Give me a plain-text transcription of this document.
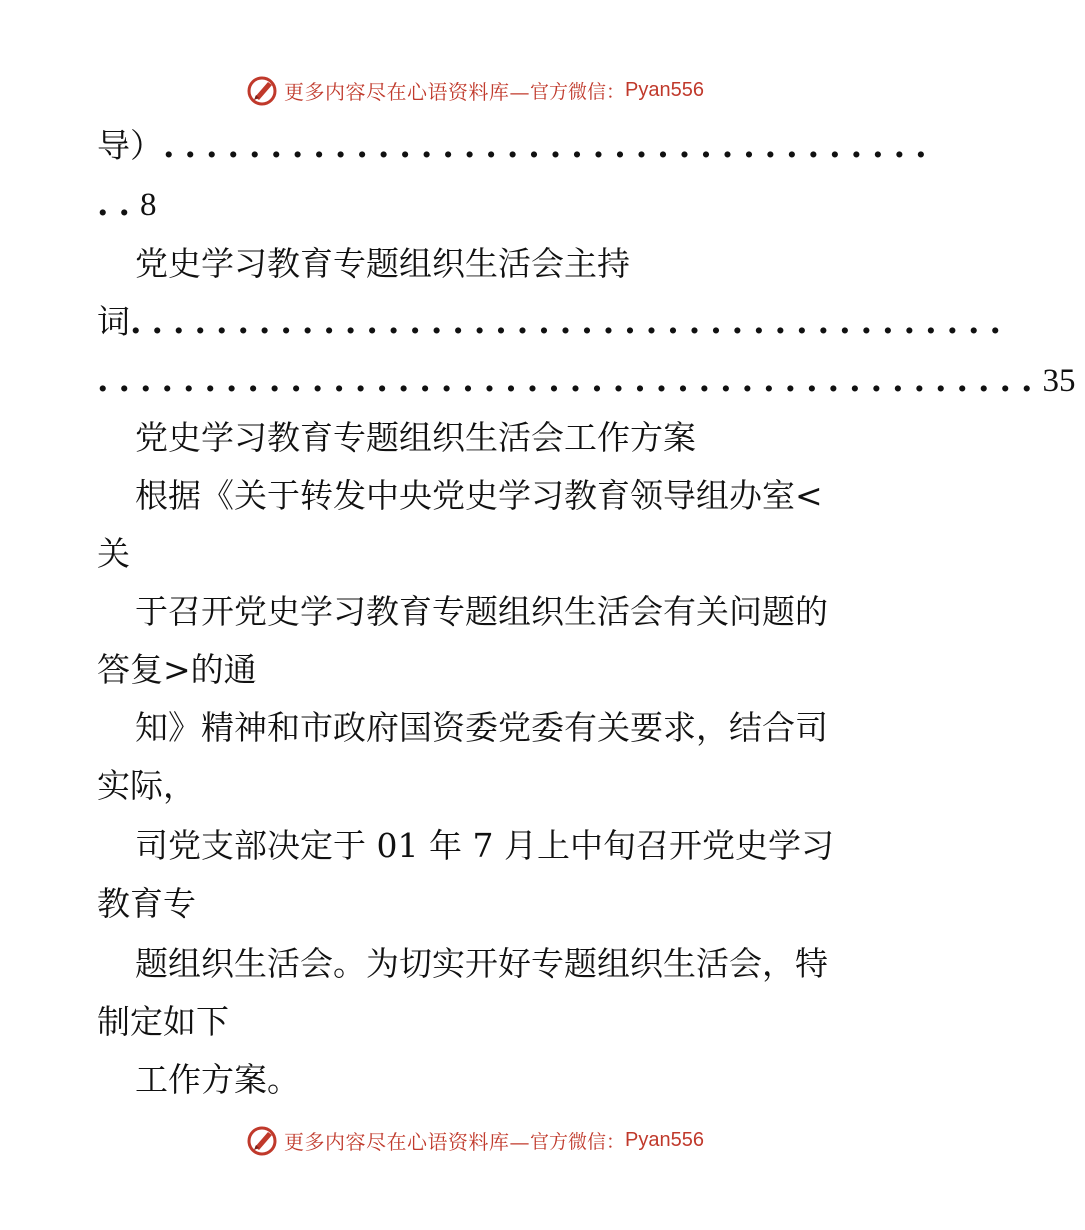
更多内容尽在心语资料库— 官方微信： Pyan556
导）....................................
..8
党史学习教育专题组织生活会主持
词.........................................
............................................35
党史学习教育专题组织生活会工作方案
根据《关于转发中央党史学习教育领导组办室<
关
于召开党史学习教育专题组织生活会有关问题的
答复>的通
知》精神和市政府国资委党委有关要求，结合司
实际，
司党支部决定于 01 年 7 月上中旬召开党史学习
教育专
题组织生活会。为切实开好专题组织生活会，特
制定如下
工作方案。
更多内容尽在心语资料库— 官方微信： Pyan556
